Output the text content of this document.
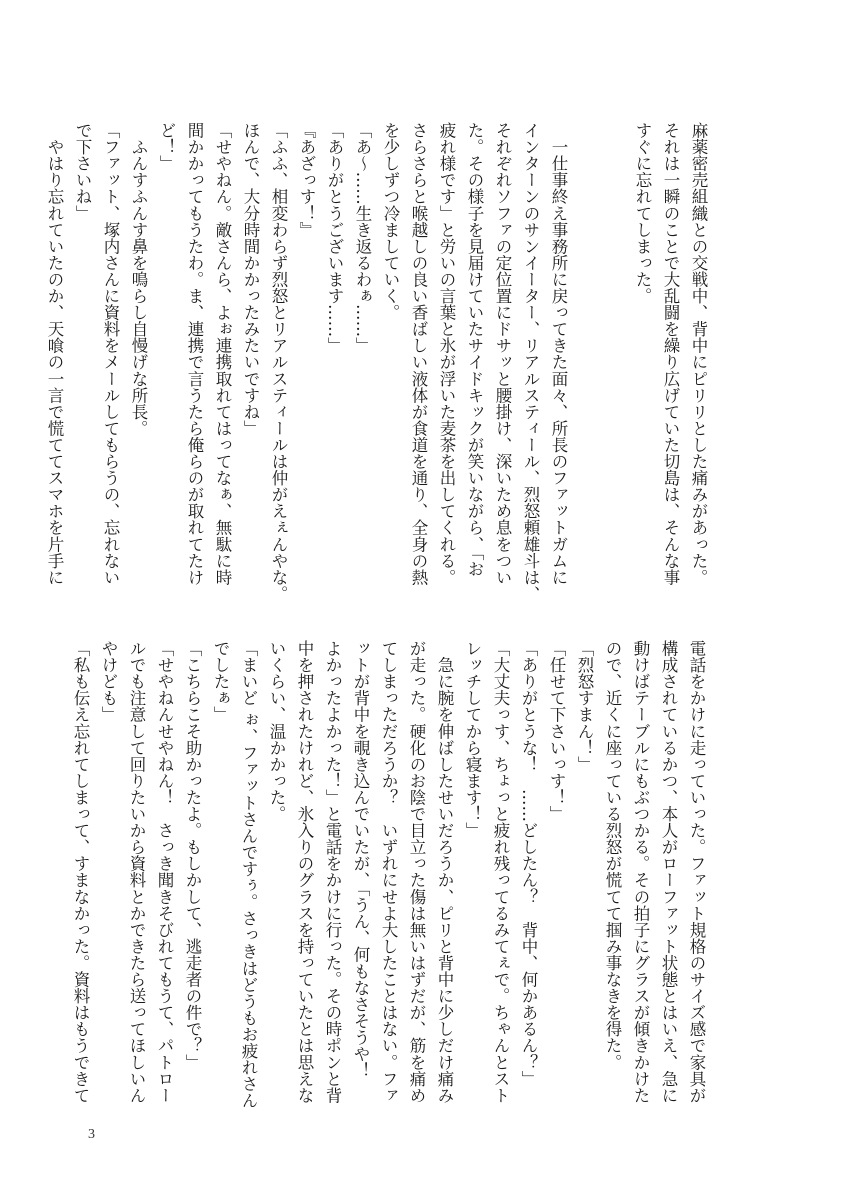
麻薬密売組織との交戦中、背中にピリリとした痛みがあった。
それは一瞬のことで大乱闘を繰り広げていた切島は、そんな事
すぐに忘れてしまった。

　一仕事終え事務所に戻ってきた面々、所長のファットガムに
インターンのサンイーター、リアルスティール、烈怒頼雄斗は、
それぞれソファの定位置にドサッと腰掛け、深いため息をつい
た。その様子を見届けていたサイドキックが笑いながら、「お
疲れ様です」と労いの言葉と氷が浮いた麦茶を出してくれる。
さらさらと喉越しの良い香ばしい液体が食道を通り、全身の熱
を少しずつ冷ましていく。
「あ〜……生き返るわぁ……」
「ありがとうございます……」
『あざっす！』
「ふふ、相変わらず烈怒とリアルスティールは仲がえぇんやな。
ほんで、大分時間かかったみたいですね」
「せやねん。敵さんら、よぉ連携取れてはってなぁ、無駄に時
間かかってもうたわ。ま、連携で言うたら俺らのが取れてたけ
ど！」
　ふんすふんす鼻を鳴らし自慢げな所長。
「ファット、塚内さんに資料をメールしてもらうの、忘れない
で下さいね」
　やはり忘れていたのか、天喰の一言で慌ててスマホを片手に
電話をかけに走っていった。ファット規格のサイズ感で家具が
構成されているかつ、本人がローファット状態とはいえ、急に
動けばテーブルにもぶつかる。その拍子にグラスが傾きかけた
ので、近くに座っている烈怒が慌てて掴み事なきを得た。
「烈怒すまん！」
「任せて下さいっす！」
「ありがとうな！　……どしたん？　背中、何かあるん？」
「大丈夫っす、ちょっと疲れ残ってるみてぇで。ちゃんとスト
レッチしてから寝ます！」
　急に腕を伸ばしたせいだろうか、ピリと背中に少しだけ痛み
が走った。硬化のお陰で目立った傷は無いはずだが、筋を痛め
てしまっただろうか？　いずれにせよ大したことはない。ファ
ットが背中を覗き込んでいたが、「うん、何もなさそうや！
よかったよかった！」と電話をかけに行った。その時ポンと背
中を押されたけれど、氷入りのグラスを持っていたとは思えな
いくらい、温かかった。
「まいど ぉ、ファットさんですぅ。さっきはどうもお疲れさん
でしたぁ」
「こちらこそ助かったよ。もしかして、逃走者の件で？」
「せやねんせやねん！　さっき聞きそびれてもうて、パトロー
ルでも注意して回りたいから資料とかできたら送ってほしいん
やけども」
「私も伝え忘れてしまって、すまなかった。資料はもうできて
3
